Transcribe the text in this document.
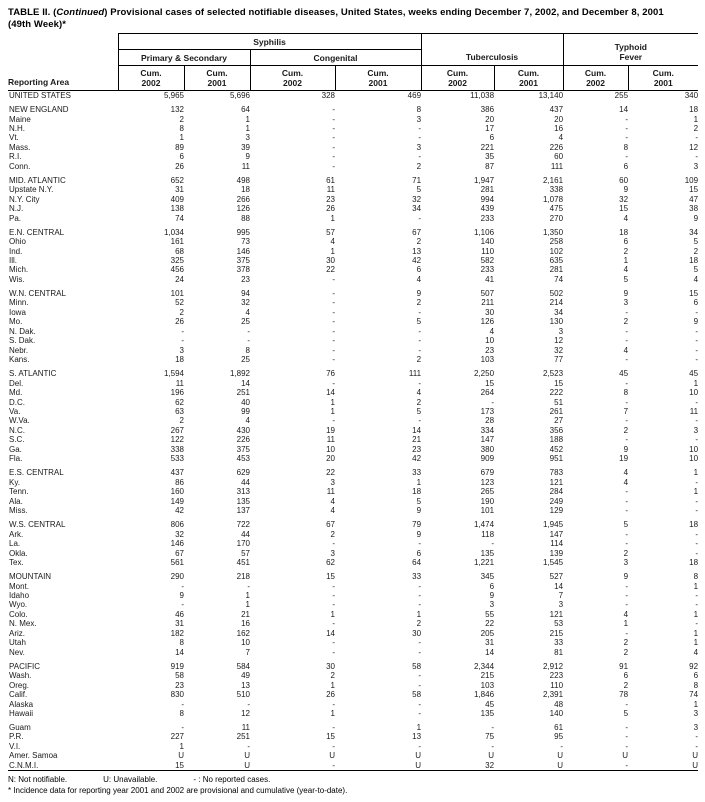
TABLE II. (Continued) Provisional cases of selected notifiable diseases, United States, weeks ending December 7, 2002, and December 8, 2001
(49th Week)*
Reporting Area	Syphilis				Tuberculosis		Typhoid
Fever	
	Primary & Secondary		Congenital					

Cum.
2002

Cum.
2001

Cum.
2002

Cum.
2001

Cum.
2002

Cum.
2001

Cum.
2002

Cum.
2001

UNITED STATES	5,965	5,696	328	469	11,038	13,140	255	340

NEW ENGLAND	132	64	-	8	386	437	14	18
Maine	2	1	-	3	20	20	-	1
N.H.	8	1	-	-	17	16	-	2
Vt.	1	3	-	-	6	4	-	-
Mass.	89	39	-	3	221	226	8	12
R.I.	6	9	-	-	35	60	-	-
Conn.	26	11	-	2	87	111	6	3

MID. ATLANTIC	652	498	61	71	1,947	2,161	60	109
Upstate N.Y.	31	18	11	5	281	338	9	15
N.Y. City	409	266	23	32	994	1,078	32	47
N.J.	138	126	26	34	439	475	15	38
Pa.	74	88	1	-	233	270	4	9

E.N. CENTRAL	1,034	995	57	67	1,106	1,350	18	34
Ohio	161	73	4	2	140	258	6	5
Ind.	68	146	1	13	110	102	2	2
Ill.	325	375	30	42	582	635	1	18
Mich.	456	378	22	6	233	281	4	5
Wis.	24	23	-	4	41	74	5	4

W.N. CENTRAL	101	94	-	9	507	502	9	15
Minn.	52	32	-	2	211	214	3	6
Iowa	2	4	-	-	30	34	-	-
Mo.	26	25	-	5	126	130	2	9
N. Dak.	-	-	-	-	4	3	-	-
S. Dak.	-	-	-	-	10	12	-	-
Nebr.	3	8	-	-	23	32	4	-
Kans.	18	25	-	2	103	77	-	-

S. ATLANTIC	1,594	1,892	76	111	2,250	2,523	45	45
Del.	11	14	-	-	15	15	-	1
Md.	196	251	14	4	264	222	8	10
D.C.	62	40	1	2	-	51	-	-
Va.	63	99	1	5	173	261	7	11
W.Va.	2	4	-	-	28	27	-	-
N.C.	267	430	19	14	334	356	2	3
S.C.	122	226	11	21	147	188	-	-
Ga.	338	375	10	23	380	452	9	10
Fla.	533	453	20	42	909	951	19	10

E.S. CENTRAL	437	629	22	33	679	783	4	1
Ky.	86	44	3	1	123	121	4	-
Tenn.	160	313	11	18	265	284	-	1
Ala.	149	135	4	5	190	249	-	-
Miss.	42	137	4	9	101	129	-	-

W.S. CENTRAL	806	722	67	79	1,474	1,945	5	18
Ark.	32	44	2	9	118	147	-	-
La.	146	170	-	-	-	114	-	-
Okla.	67	57	3	6	135	139	2	-
Tex.	561	451	62	64	1,221	1,545	3	18

MOUNTAIN	290	218	15	33	345	527	9	8
Mont.	-	-	-	-	6	14	-	1
Idaho	9	1	-	-	9	7	-	-
Wyo.	-	1	-	-	3	3	-	-
Colo.	46	21	1	1	55	121	4	1
N. Mex.	31	16	-	2	22	53	1	-
Ariz.	182	162	14	30	205	215	-	1
Utah	8	10	-	-	31	33	2	1
Nev.	14	7	-	-	14	81	2	4

PACIFIC	919	584	30	58	2,344	2,912	91	92
Wash.	58	49	2	-	215	223	6	6
Oreg.	23	13	1	-	103	110	2	8
Calif.	830	510	26	58	1,846	2,391	78	74
Alaska	-	-	-	-	45	48	-	1
Hawaii	8	12	1	-	135	140	5	3

Guam	-	11	-	1	-	61	-	3
P.R.	227	251	15	13	75	95	-	-
V.I.	1	-	-	-	-	-	-	-
Amer. Samoa	U	U	U	U	U	U	U	U
C.N.M.I.	15	U	-	U	32	U	-	U
N: Not notifiable.	U: Unavailable.	- : No reported cases.
* Incidence data for reporting year 2001 and 2002 are provisional and cumulative (year-to-date).
